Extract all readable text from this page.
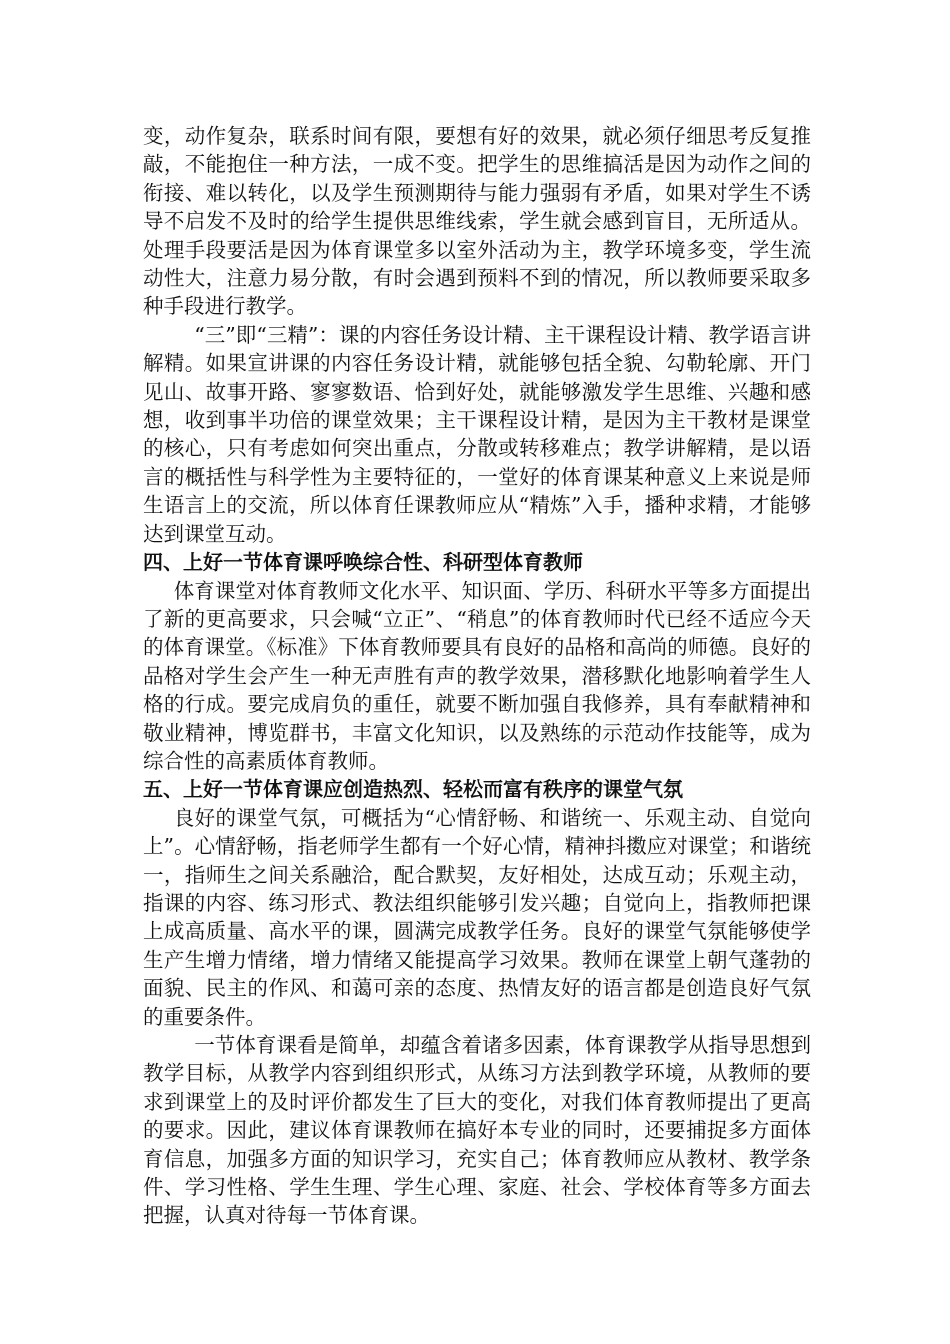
变，动作复杂，联系时间有限，要想有好的效果，就必须仔细思考反复推敲，不能抱住一种方法，一成不变。把学生的思维搞活是因为动作之间的衔接、难以转化，以及学生预测期待与能力强弱有矛盾，如果对学生不诱导不启发不及时的给学生提供思维线索，学生就会感到盲目，无所适从。处理手段要活是因为体育课堂多以室外活动为主，教学环境多变，学生流动性大，注意力易分散，有时会遇到预料不到的情况，所以教师要采取多种手段进行教学。

“三”即“三精”：课的内容任务设计精、主干课程设计精、教学语言讲解精。如果宣讲课的内容任务设计精，就能够包括全貌、勾勒轮廓、开门见山、故事开路、寥寥数语、恰到好处，就能够激发学生思维、兴趣和感想，收到事半功倍的课堂效果；主干课程设计精，是因为主干教材是课堂的核心，只有考虑如何突出重点，分散或转移难点；教学讲解精，是以语言的概括性与科学性为主要特征的，一堂好的体育课某种意义上来说是师生语言上的交流，所以体育任课教师应从“精炼”入手，播种求精，才能够达到课堂互动。

四、上好一节体育课呼唤综合性、科研型体育教师

体育课堂对体育教师文化水平、知识面、学历、科研水平等多方面提出了新的更高要求，只会喊“立正”、“稍息”的体育教师时代已经不适应今天的体育课堂。《标准》下体育教师要具有良好的品格和高尚的师德。良好的品格对学生会产生一种无声胜有声的教学效果，潜移默化地影响着学生人格的行成。要完成肩负的重任，就要不断加强自我修养，具有奉献精神和敬业精神，博览群书，丰富文化知识，以及熟练的示范动作技能等，成为综合性的高素质体育教师。

五、上好一节体育课应创造热烈、轻松而富有秩序的课堂气氛

良好的课堂气氛，可概括为“心情舒畅、和谐统一、乐观主动、自觉向上”。心情舒畅，指老师学生都有一个好心情，精神抖擞应对课堂；和谐统一，指师生之间关系融洽，配合默契，友好相处，达成互动；乐观主动，指课的内容、练习形式、教法组织能够引发兴趣；自觉向上，指教师把课上成高质量、高水平的课，圆满完成教学任务。良好的课堂气氛能够使学生产生增力情绪，增力情绪又能提高学习效果。教师在课堂上朝气蓬勃的面貌、民主的作风、和蔼可亲的态度、热情友好的语言都是创造良好气氛的重要条件。

一节体育课看是简单，却蕴含着诸多因素，体育课教学从指导思想到教学目标，从教学内容到组织形式，从练习方法到教学环境，从教师的要求到课堂上的及时评价都发生了巨大的变化，对我们体育教师提出了更高的要求。因此，建议体育课教师在搞好本专业的同时，还要捕捉多方面体育信息，加强多方面的知识学习，充实自己；体育教师应从教材、教学条件、学习性格、学生生理、学生心理、家庭、社会、学校体育等多方面去把握，认真对待每一节体育课。
